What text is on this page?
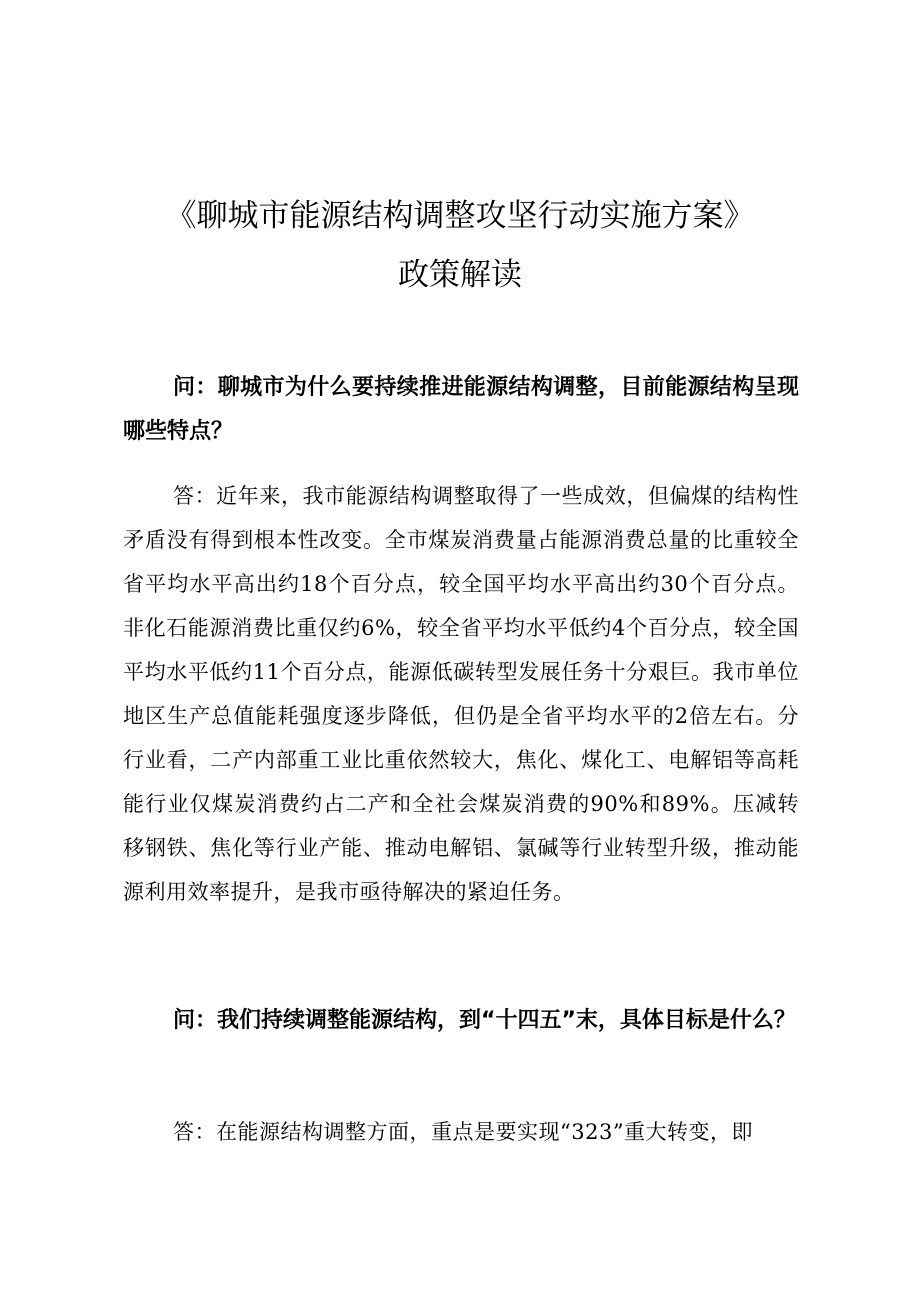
《聊城市能源结构调整攻坚行动实施方案》
政策解读

问：聊城市为什么要持续推进能源结构调整，目前能源结构呈现哪些特点？

答：近年来，我市能源结构调整取得了一些成效，但偏煤的结构性矛盾没有得到根本性改变。全市煤炭消费量占能源消费总量的比重较全省平均水平高出约18个百分点，较全国平均水平高出约30个百分点。非化石能源消费比重仅约6%，较全省平均水平低约4个百分点，较全国平均水平低约11个百分点，能源低碳转型发展任务十分艰巨。我市单位地区生产总值能耗强度逐步降低，但仍是全省平均水平的2倍左右。分行业看，二产内部重工业比重依然较大，焦化、煤化工、电解铝等高耗能行业仅煤炭消费约占二产和全社会煤炭消费的90%和89%。压减转移钢铁、焦化等行业产能、推动电解铝、氯碱等行业转型升级，推动能源利用效率提升，是我市亟待解决的紧迫任务。

问：我们持续调整能源结构，到“十四五”末，具体目标是什么？

答：在能源结构调整方面，重点是要实现“323”重大转变，即
